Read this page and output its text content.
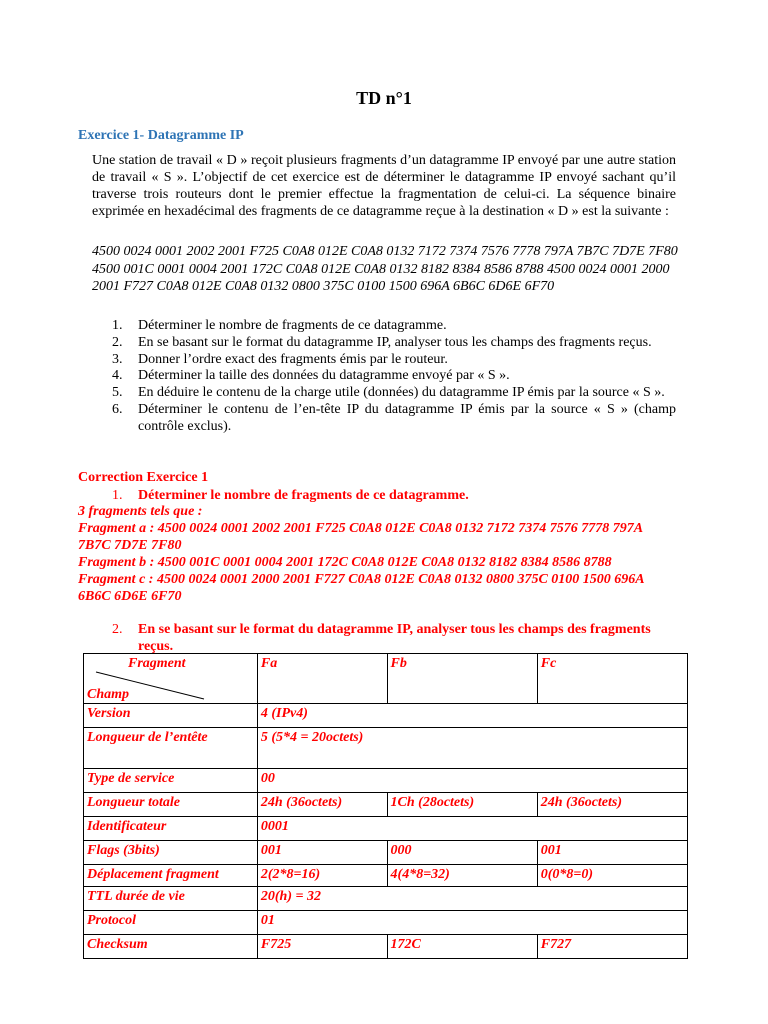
TD n°1
Exercice 1- Datagramme IP

Une station de travail « D » reçoit plusieurs fragments d’un datagramme IP envoyé par une autre station de travail « S ». L’objectif de cet exercice est de déterminer le datagramme IP envoyé sachant qu’il traverse trois routeurs dont le premier effectue la fragmentation de celui-ci. La séquence binaire exprimée en hexadécimal des fragments de ce datagramme reçue à la destination « D » est la suivante :

4500 0024 0001 2002 2001 F725 C0A8 012E C0A8 0132 7172 7374 7576 7778 797A 7B7C 7D7E 7F80 4500 001C 0001 0004 2001 172C C0A8 012E C0A8 0132 8182 8384 8586 8788 4500 0024 0001 2000 2001 F727 C0A8 012E C0A8 0132 0800 375C 0100 1500 696A 6B6C 6D6E 6F70

1. Déterminer le nombre de fragments de ce datagramme.
2. En se basant sur le format du datagramme IP, analyser tous les champs des fragments reçus.
3. Donner l’ordre exact des fragments émis par le routeur.
4. Déterminer la taille des données du datagramme envoyé par « S ».
5. En déduire le contenu de la charge utile (données) du datagramme IP émis par la source « S ».
6. Déterminer le contenu de l’en-tête IP du datagramme IP émis par la source « S » (champ contrôle exclus).
Correction Exercice 1
1.	Déterminer le nombre de fragments de ce datagramme.
3 fragments tels que :

Fragment a : 4500 0024 0001 2002 2001 F725 C0A8 012E C0A8 0132 7172 7374 7576 7778 797A 7B7C 7D7E 7F80
Fragment b : 4500 001C 0001 0004 2001 172C C0A8 012E C0A8 0132 8182 8384 8586 8788
Fragment c : 4500 0024 0001 2000 2001 F727 C0A8 012E C0A8 0132 0800 375C 0100 1500 696A 6B6C 6D6E 6F70

2.	En se basant sur le format du datagramme IP, analyser tous les champs des fragments reçus.
Fragment
Champ	Fa	Fb	Fc
Version	4 (IPv4)		
Longueur de l’entête	5 (5*4 = 20octets)		
Type de service	00		
Longueur totale	24h (36octets)	1Ch (28octets)	24h (36octets)
Identificateur	0001		
Flags (3bits)	001	000	001
Déplacement fragment	2(2*8=16)	4(4*8=32)	0(0*8=0)
TTL durée de vie	20(h) = 32		
Protocol	01		
Checksum	F725	172C	F727
